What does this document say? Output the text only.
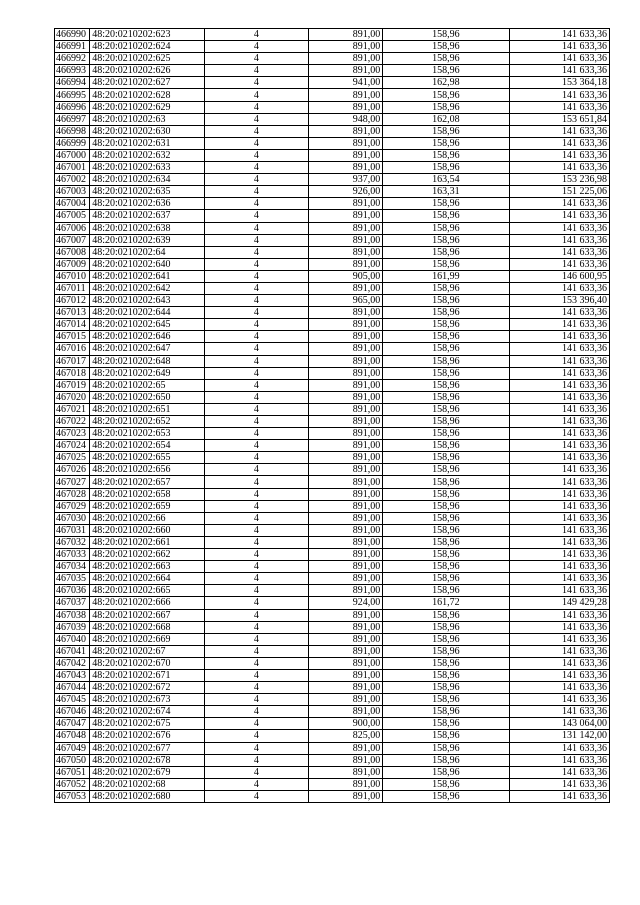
466990	48:20:0210202:623	4	891,00	158,96	141 633,36
466991	48:20:0210202:624	4	891,00	158,96	141 633,36
466992	48:20:0210202:625	4	891,00	158,96	141 633,36
466993	48:20:0210202:626	4	891,00	158,96	141 633,36
466994	48:20:0210202:627	4	941,00	162,98	153 364,18
466995	48:20:0210202:628	4	891,00	158,96	141 633,36
466996	48:20:0210202:629	4	891,00	158,96	141 633,36
466997	48:20:0210202:63	4	948,00	162,08	153 651,84
466998	48:20:0210202:630	4	891,00	158,96	141 633,36
466999	48:20:0210202:631	4	891,00	158,96	141 633,36
467000	48:20:0210202:632	4	891,00	158,96	141 633,36
467001	48:20:0210202:633	4	891,00	158,96	141 633,36
467002	48:20:0210202:634	4	937,00	163,54	153 236,98
467003	48:20:0210202:635	4	926,00	163,31	151 225,06
467004	48:20:0210202:636	4	891,00	158,96	141 633,36
467005	48:20:0210202:637	4	891,00	158,96	141 633,36
467006	48:20:0210202:638	4	891,00	158,96	141 633,36
467007	48:20:0210202:639	4	891,00	158,96	141 633,36
467008	48:20:0210202:64	4	891,00	158,96	141 633,36
467009	48:20:0210202:640	4	891,00	158,96	141 633,36
467010	48:20:0210202:641	4	905,00	161,99	146 600,95
467011	48:20:0210202:642	4	891,00	158,96	141 633,36
467012	48:20:0210202:643	4	965,00	158,96	153 396,40
467013	48:20:0210202:644	4	891,00	158,96	141 633,36
467014	48:20:0210202:645	4	891,00	158,96	141 633,36
467015	48:20:0210202:646	4	891,00	158,96	141 633,36
467016	48:20:0210202:647	4	891,00	158,96	141 633,36
467017	48:20:0210202:648	4	891,00	158,96	141 633,36
467018	48:20:0210202:649	4	891,00	158,96	141 633,36
467019	48:20:0210202:65	4	891,00	158,96	141 633,36
467020	48:20:0210202:650	4	891,00	158,96	141 633,36
467021	48:20:0210202:651	4	891,00	158,96	141 633,36
467022	48:20:0210202:652	4	891,00	158,96	141 633,36
467023	48:20:0210202:653	4	891,00	158,96	141 633,36
467024	48:20:0210202:654	4	891,00	158,96	141 633,36
467025	48:20:0210202:655	4	891,00	158,96	141 633,36
467026	48:20:0210202:656	4	891,00	158,96	141 633,36
467027	48:20:0210202:657	4	891,00	158,96	141 633,36
467028	48:20:0210202:658	4	891,00	158,96	141 633,36
467029	48:20:0210202:659	4	891,00	158,96	141 633,36
467030	48:20:0210202:66	4	891,00	158,96	141 633,36
467031	48:20:0210202:660	4	891,00	158,96	141 633,36
467032	48:20:0210202:661	4	891,00	158,96	141 633,36
467033	48:20:0210202:662	4	891,00	158,96	141 633,36
467034	48:20:0210202:663	4	891,00	158,96	141 633,36
467035	48:20:0210202:664	4	891,00	158,96	141 633,36
467036	48:20:0210202:665	4	891,00	158,96	141 633,36
467037	48:20:0210202:666	4	924,00	161,72	149 429,28
467038	48:20:0210202:667	4	891,00	158,96	141 633,36
467039	48:20:0210202:668	4	891,00	158,96	141 633,36
467040	48:20:0210202:669	4	891,00	158,96	141 633,36
467041	48:20:0210202:67	4	891,00	158,96	141 633,36
467042	48:20:0210202:670	4	891,00	158,96	141 633,36
467043	48:20:0210202:671	4	891,00	158,96	141 633,36
467044	48:20:0210202:672	4	891,00	158,96	141 633,36
467045	48:20:0210202:673	4	891,00	158,96	141 633,36
467046	48:20:0210202:674	4	891,00	158,96	141 633,36
467047	48:20:0210202:675	4	900,00	158,96	143 064,00
467048	48:20:0210202:676	4	825,00	158,96	131 142,00
467049	48:20:0210202:677	4	891,00	158,96	141 633,36
467050	48:20:0210202:678	4	891,00	158,96	141 633,36
467051	48:20:0210202:679	4	891,00	158,96	141 633,36
467052	48:20:0210202:68	4	891,00	158,96	141 633,36
467053	48:20:0210202:680	4	891,00	158,96	141 633,36
